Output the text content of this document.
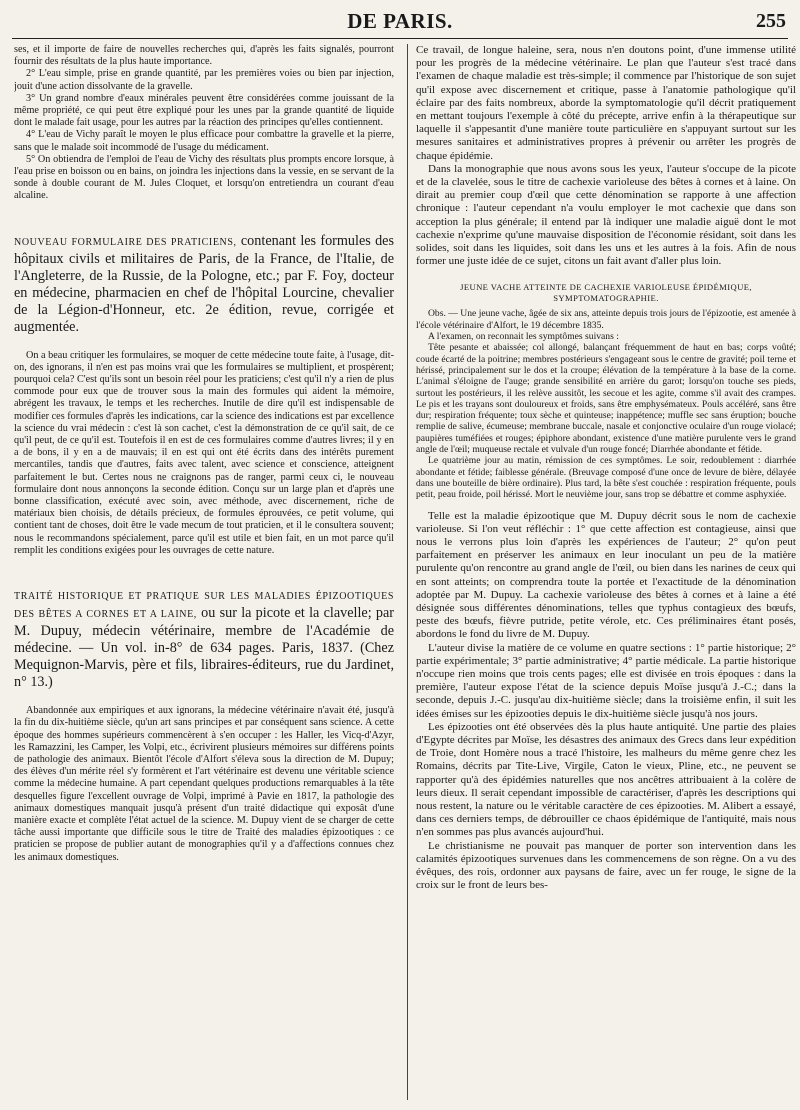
DE PARIS.	255

ses, et il importe de faire de nouvelles recherches qui, d'après les faits signalés, pourront fournir des résultats de la plus haute importance.

2° L'eau simple, prise en grande quantité, par les premières voies ou bien par injection, jouit d'une action dissolvante de la gravelle.

3° Un grand nombre d'eaux minérales peuvent être considérées comme jouissant de la même propriété, ce qui peut être expliqué pour les unes par la grande quantité de liquide dont le malade fait usage, pour les autres par la réaction des principes qu'elles contiennent.

4° L'eau de Vichy paraît le moyen le plus efficace pour combattre la gravelle et la pierre, sans que le malade soit incommodé de l'usage du médicament.

5° On obtiendra de l'emploi de l'eau de Vichy des résultats plus prompts encore lorsque, à l'eau prise en boisson ou en bains, on joindra les injections dans la vessie, en se servant de la sonde à double courant de M. Jules Cloquet, et lorsqu'on entretiendra un courant d'eau alcaline.

NOUVEAU FORMULAIRE DES PRATICIENS, contenant les formules des hôpitaux civils et militaires de Paris, de la France, de l'Italie, de l'Angleterre, de la Russie, de la Pologne, etc.; par F. Foy, docteur en médecine, pharmacien en chef de l'hôpital Lourcine, chevalier de la Légion-d'Honneur, etc. 2e édition, revue, corrigée et augmentée.

On a beau critiquer les formulaires, se moquer de cette médecine toute faite, à l'usage, dit-on, des ignorans, il n'en est pas moins vrai que les formulaires se multiplient, et prospèrent; pourquoi cela? C'est qu'ils sont un besoin réel pour les praticiens; c'est qu'il n'y a rien de plus commode pour eux que de trouver sous la main des formules qui aident la mémoire, abrégent les travaux, le temps et les recherches. Inutile de dire qu'il est indispensable de modifier ces formules d'après les indications, car la science des indications est par excellence la science du vrai médecin : c'est là son cachet, c'est la démonstration de ce qu'il sait, de ce qu'il peut, de ce qu'il est. Toutefois il en est de ces formulaires comme d'autres livres; il y en a de bons, il y en a de mauvais; il en est qui ont été écrits dans des intérêts purement mercantiles, tandis que d'autres, faits avec talent, avec science et conscience, atteignent parfaitement le but. Certes nous ne craignons pas de ranger, parmi ceux ci, le nouveau formulaire dont nous annonçons la seconde édition. Conçu sur un large plan et d'après une bonne classification, exécuté avec soin, avec méthode, avec discernement, riche de matériaux bien choisis, de détails précieux, de formules éprouvées, ce petit volume, qui contient tant de choses, doit être le vade mecum de tout praticien, et il le consultera souvent; nous le recommandons spécialement, parce qu'il est utile et bien fait, en un mot parce qu'il remplit les conditions exigées pour les ouvrages de cette nature.

TRAITÉ HISTORIQUE ET PRATIQUE SUR LES MALADIES ÉPIZOOTIQUES DES BÊTES A CORNES ET A LAINE, ou sur la picote et la clavelle; par M. Dupuy, médecin vétérinaire, membre de l'Académie de médecine. — Un vol. in-8° de 634 pages. Paris, 1837. (Chez Mequignon-Marvis, père et fils, libraires-éditeurs, rue du Jardinet, n° 13.)

Abandonnée aux empiriques et aux ignorans, la médecine vétérinaire n'avait été, jusqu'à la fin du dix-huitième siècle, qu'un art sans principes et par conséquent sans science. A cette époque des hommes supérieurs commencèrent à s'en occuper : les Haller, les Vicq-d'Azyr, les Ramazzini, les Camper, les Volpi, etc., écrivirent plusieurs mémoires sur différens points de pathologie des animaux. Bientôt l'école d'Alfort s'éleva sous la direction de M. Dupuy; des élèves d'un mérite réel s'y formèrent et l'art vétérinaire est devenu une véritable science comme la médecine humaine. A part cependant quelques productions remarquables à la tête desquelles figure l'excellent ouvrage de Volpi, imprimé à Pavie en 1817, la pathologie des animaux domestiques manquait jusqu'à présent d'un traité didactique qui exposât d'une manière exacte et complète l'état actuel de la science. M. Dupuy vient de se charger de cette tâche aussi importante que difficile sous le titre de Traité des maladies épizootiques : ce praticien se propose de publier autant de monographies qu'il y a d'affections connues chez les animaux domestiques.

Ce travail, de longue haleine, sera, nous n'en doutons point, d'une immense utilité pour les progrès de la médecine vétérinaire. Le plan que l'auteur s'est tracé dans l'examen de chaque maladie est très-simple; il commence par l'historique de son sujet qu'il expose avec discernement et critique, passe à l'anatomie pathologique qu'il éclaire par des faits nombreux, aborde la symptomatologie qu'il décrit pratiquement en mettant toujours l'exemple à côté du précepte, arrive enfin à la thérapeutique sur laquelle il s'appesantit d'une manière toute particulière en s'appuyant surtout sur les mesures sanitaires et administratives propres à prévenir ou arrêter les progrès de chaque épidémie.

Dans la monographie que nous avons sous les yeux, l'auteur s'occupe de la picote et de la clavelée, sous le titre de cachexie varioleuse des bêtes à cornes et à laine. On dirait au premier coup d'œil que cette dénomination se rapporte à une affection chronique : l'auteur cependant n'a voulu employer le mot cachexie que dans son acception la plus générale; il entend par là indiquer une maladie aiguë dont le mot cachexie n'exprime qu'une mauvaise disposition de l'économie résidant, soit dans les solides, soit dans les liquides, soit dans les uns et les autres à la fois. Afin de nous former une juste idée de ce sujet, citons un fait avant d'aller plus loin.

JEUNE VACHE ATTEINTE DE CACHEXIE VARIOLEUSE ÉPIDÉMIQUE, SYMPTOMATOGRAPHIE.

Obs. — Une jeune vache, âgée de six ans, atteinte depuis trois jours de l'épizootie, est amenée à l'école vétérinaire d'Alfort, le 19 décembre 1835.

A l'examen, on reconnait les symptômes suivans :

Tête pesante et abaissée; col allongé, balançant fréquemment de haut en bas; corps voûté; coude écarté de la poitrine; membres postérieurs s'engageant sous le centre de gravité; poil terne et hérissé, principalement sur le dos et la croupe; élévation de la température à la base de la corne. L'animal s'éloigne de l'auge; grande sensibilité en arrière du garot; lorsqu'on touche ses pieds, surtout les postérieurs, il les relève aussitôt, les secoue et les agite, comme s'il avait des crampes. Le pis et les trayans sont douloureux et froids, sans être emphysémateux. Pouls accéléré, sans être dur; respiration fréquente; toux sèche et quinteuse; inappétence; muffle sec sans éruption; bouche remplie de salive, écumeuse; membrane buccale, nasale et conjonctive oculaire d'un rouge violacé; paupières tuméfiées et rouges; épiphore abondant, existence d'une matière purulente vers le grand angle de l'œil; muqueuse rectale et vulvale d'un rouge foncé; Diarrhée abondante et fétide.

Le quatrième jour au matin, rémission de ces symptômes. Le soir, redoublement : diarrhée abondante et fétide; faiblesse générale. (Breuvage composé d'une once de levure de bière, délayée dans une bouteille de bière ordinaire). Plus tard, la bête s'est couchée : respiration fréquente, pouls petit, peau froide, poil hérissé. Mort le neuvième jour, sans trop se débattre et comme asphyxiée.

Telle est la maladie épizootique que M. Dupuy décrit sous le nom de cachexie varioleuse. Si l'on veut réfléchir : 1° que cette affection est contagieuse, ainsi que nous le verrons plus loin d'après les expériences de l'auteur; 2° qu'on peut parfaitement en préserver les animaux en leur inoculant un peu de la matière purulente qu'on rencontre au grand angle de l'œil, ou bien dans les narines de ceux qui en sont atteints; on comprendra toute la portée et l'exactitude de la dénomination adoptée par M. Dupuy. La cachexie varioleuse des bêtes à cornes et à laine a été désignée sous différentes dénominations, telles que typhus contagieux des bœufs, peste des bœufs, fièvre putride, petite vérole, etc. Ces préliminaires étant posés, abordons le fond du livre de M. Dupuy.

L'auteur divise la matière de ce volume en quatre sections : 1° partie historique; 2° partie expérimentale; 3° partie administrative; 4° partie médicale. La partie historique n'occupe rien moins que trois cents pages; elle est divisée en trois époques : dans la première, l'auteur expose l'état de la science depuis Moïse jusqu'à J.-C.; dans la seconde, depuis J.-C. jusqu'au dix-huitième siècle; dans la troisième enfin, il suit les idées émises sur les épizooties depuis le dix-huitième siècle jusqu'à nos jours.

Les épizooties ont été observées dès la plus haute antiquité. Une partie des plaies d'Egypte décrites par Moïse, les désastres des animaux des Grecs dans leur expédition de Troie, dont Homère nous a tracé l'histoire, les malheurs du même genre chez les Romains, décrits par Tite-Live, Virgile, Caton le vieux, Pline, etc., ne peuvent se rapporter qu'à des épidémies naturelles que nos ancêtres attribuaient à la colère de leurs dieux. Il serait cependant impossible de caractériser, d'après les descriptions qui nous restent, la nature ou le véritable caractère de ces épizooties. M. Alibert a essayé, dans ces derniers temps, de débrouiller ce chaos épidémique de l'antiquité, mais nous n'en sommes pas plus avancés aujourd'hui.

Le christianisme ne pouvait pas manquer de porter son intervention dans les calamités épizootiques survenues dans les commencemens de son règne. On a vu des évêques, des rois, ordonner aux paysans de faire, avec un fer rouge, le signe de la croix sur le front de leurs bes-
